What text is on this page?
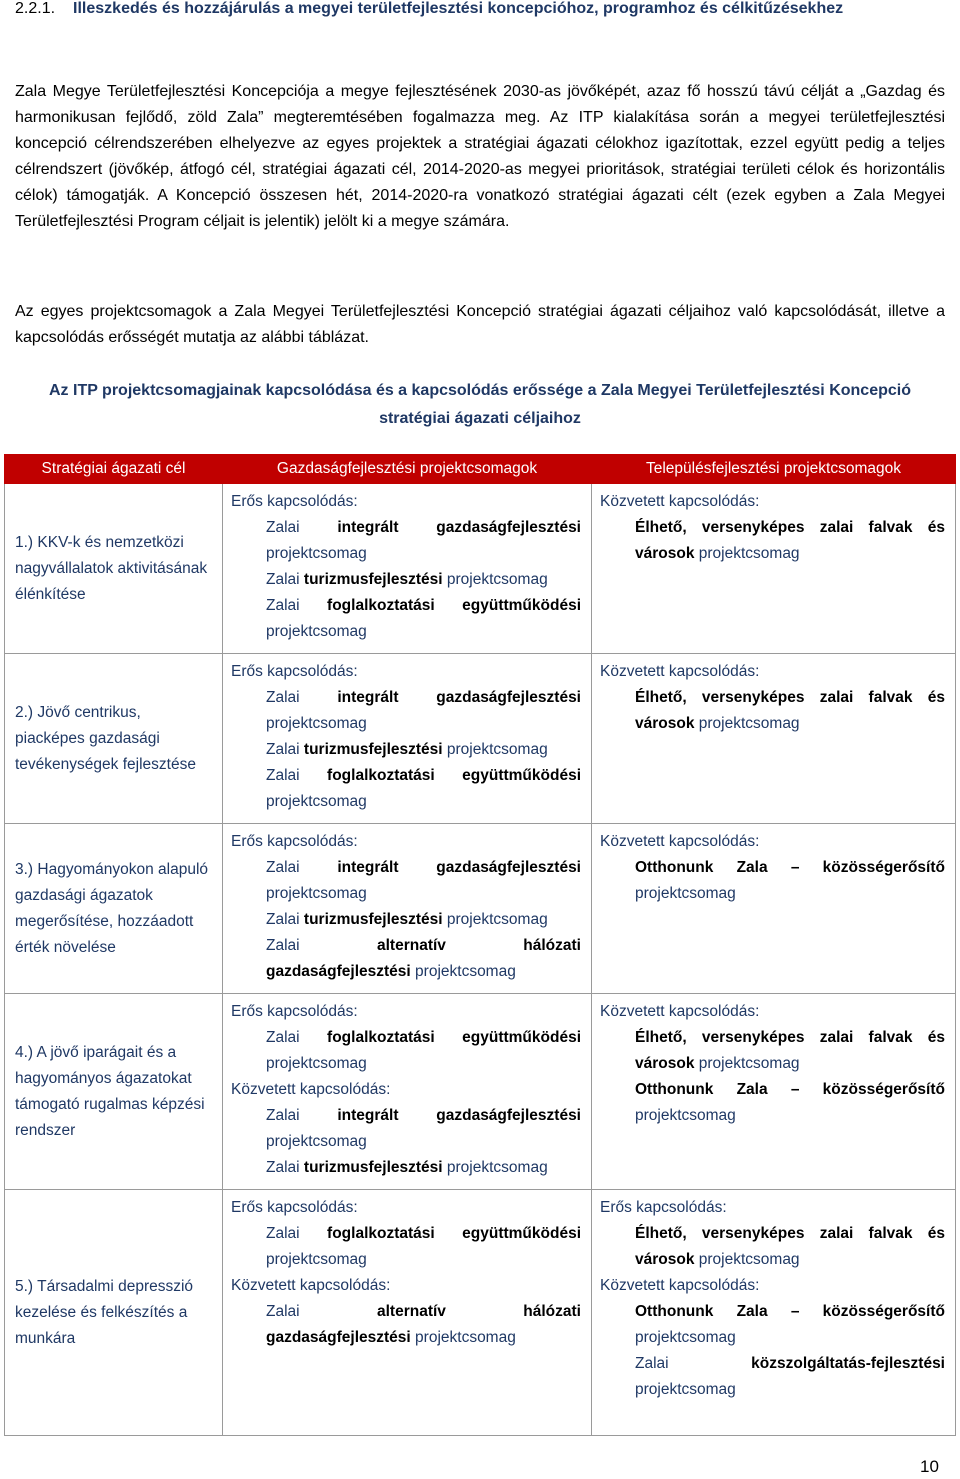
2.2.1. Illeszkedés és hozzájárulás a megyei területfejlesztési koncepcióhoz, programhoz és célkitűzésekhez

Zala Megye Területfejlesztési Koncepciója a megye fejlesztésének 2030-as jövőképét, azaz fő hosszú távú célját a „Gazdag és harmonikusan fejlődő, zöld Zala” megteremtésében fogalmazza meg. Az ITP kialakítása során a megyei területfejlesztési koncepció célrendszerében elhelyezve az egyes projektek a stratégiai ágazati célokhoz igazítottak, ezzel együtt pedig a teljes célrendszert (jövőkép, átfogó cél, stratégiai ágazati cél, 2014-2020-as megyei prioritások, stratégiai területi célok és horizontális célok) támogatják. A Koncepció összesen hét, 2014-2020-ra vonatkozó stratégiai ágazati célt (ezek egyben a Zala Megyei Területfejlesztési Program céljait is jelentik) jelölt ki a megye számára.

Az egyes projektcsomagok a Zala Megyei Területfejlesztési Koncepció stratégiai ágazati céljaihoz való kapcsolódását, illetve a kapcsolódás erősségét mutatja az alábbi táblázat.

Az ITP projektcsomagjainak kapcsolódása és a kapcsolódás erőssége a Zala Megyei Területfejlesztési Koncepció stratégiai ágazati céljaihoz
Stratégiai ágazati cél	Gazdaságfejlesztési projektcsomagok	Településfejlesztési projektcsomagok
1.) KKV-k és nemzetközi nagyvállalatok aktivitásának élénkítése	Erős kapcsolódás:
Zalai integrált gazdaságfejlesztési projektcsomag
Zalai turizmusfejlesztési projektcsomag
Zalai foglalkoztatási együttműködési projektcsomag	Közvetett kapcsolódás:
Élhető, versenyképes zalai falvak és városok projektcsomag

2.) Jövő centrikus, piacképes gazdasági tevékenységek fejlesztése	Erős kapcsolódás:
Zalai integrált gazdaságfejlesztési projektcsomag
Zalai turizmusfejlesztési projektcsomag
Zalai foglalkoztatási együttműködési projektcsomag	Közvetett kapcsolódás:
Élhető, versenyképes zalai falvak és városok projektcsomag

3.) Hagyományokon alapuló gazdasági ágazatok megerősítése, hozzáadott érték növelése	Erős kapcsolódás:
Zalai integrált gazdaságfejlesztési projektcsomag
Zalai turizmusfejlesztési projektcsomag
Zalai alternatív hálózati gazdaságfejlesztési projektcsomag	Közvetett kapcsolódás:
Otthonunk Zala – közösségerősítő projektcsomag

4.) A jövő iparágait és a hagyományos ágazatokat támogató rugalmas képzési rendszer	Erős kapcsolódás:
Zalai foglalkoztatási együttműködési projektcsomag
Közvetett kapcsolódás:
Zalai integrált gazdaságfejlesztési projektcsomag
Zalai turizmusfejlesztési projektcsomag	Közvetett kapcsolódás:
Élhető, versenyképes zalai falvak és városok projektcsomag
Otthonunk Zala – közösségerősítő projektcsomag

5.) Társadalmi depresszió kezelése és felkészítés a munkára	Erős kapcsolódás:
Zalai foglalkoztatási együttműködési projektcsomag
Közvetett kapcsolódás:
Zalai alternatív hálózati gazdaságfejlesztési projektcsomag	Erős kapcsolódás:
Élhető, versenyképes zalai falvak és városok projektcsomag
Közvetett kapcsolódás:
Otthonunk Zala – közösségerősítő projektcsomag
Zalai közszolgáltatás-fejlesztési projektcsomag
10
